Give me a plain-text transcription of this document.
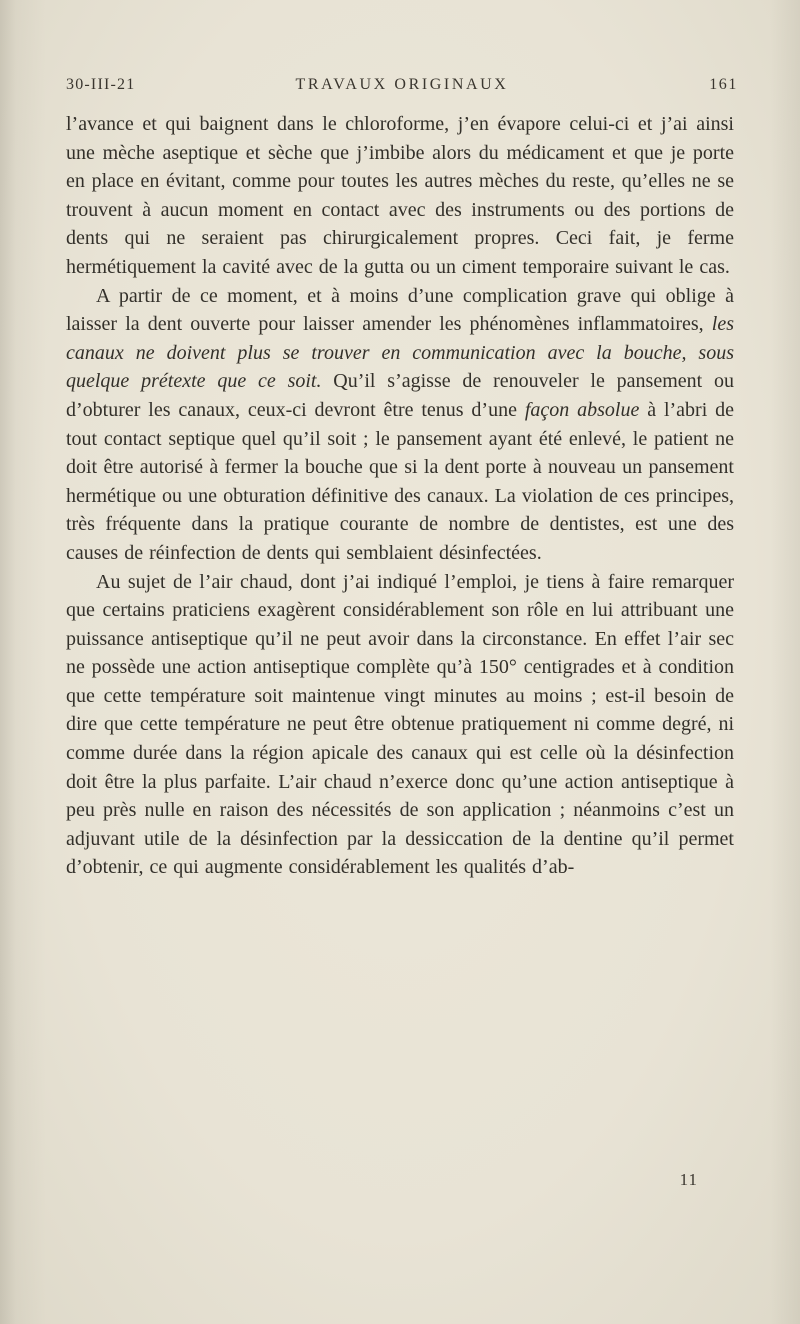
30-III-21	TRAVAUX ORIGINAUX	161

l’avance et qui baignent dans le chloroforme, j’en évapore celui-ci et j’ai ainsi une mèche aseptique et sèche que j’imbibe alors du médicament et que je porte en place en évitant, comme pour toutes les autres mèches du reste, qu’elles ne se trouvent à aucun moment en contact avec des instruments ou des portions de dents qui ne seraient pas chirurgicalement propres. Ceci fait, je ferme hermétiquement la cavité avec de la gutta ou un ciment temporaire suivant le cas.

A partir de ce moment, et à moins d’une complication grave qui oblige à laisser la dent ouverte pour laisser amender les phénomènes inflammatoires, les canaux ne doivent plus se trouver en communication avec la bouche, sous quelque prétexte que ce soit. Qu’il s’agisse de renouveler le pansement ou d’obturer les canaux, ceux-ci devront être tenus d’une façon absolue à l’abri de tout contact septique quel qu’il soit ; le pansement ayant été enlevé, le patient ne doit être autorisé à fermer la bouche que si la dent porte à nouveau un pansement hermétique ou une obturation définitive des canaux. La violation de ces principes, très fréquente dans la pratique courante de nombre de dentistes, est une des causes de réinfection de dents qui semblaient désinfectées.

Au sujet de l’air chaud, dont j’ai indiqué l’emploi, je tiens à faire remarquer que certains praticiens exagèrent considérablement son rôle en lui attribuant une puissance antiseptique qu’il ne peut avoir dans la circonstance. En effet l’air sec ne possède une action antiseptique complète qu’à 150° centigrades et à condition que cette température soit maintenue vingt minutes au moins ; est-il besoin de dire que cette température ne peut être obtenue pratiquement ni comme degré, ni comme durée dans la région apicale des canaux qui est celle où la désinfection doit être la plus parfaite. L’air chaud n’exerce donc qu’une action antiseptique à peu près nulle en raison des nécessités de son application ; néanmoins c’est un adjuvant utile de la désinfection par la dessiccation de la dentine qu’il permet d’obtenir, ce qui augmente considérablement les qualités d’ab-

11
